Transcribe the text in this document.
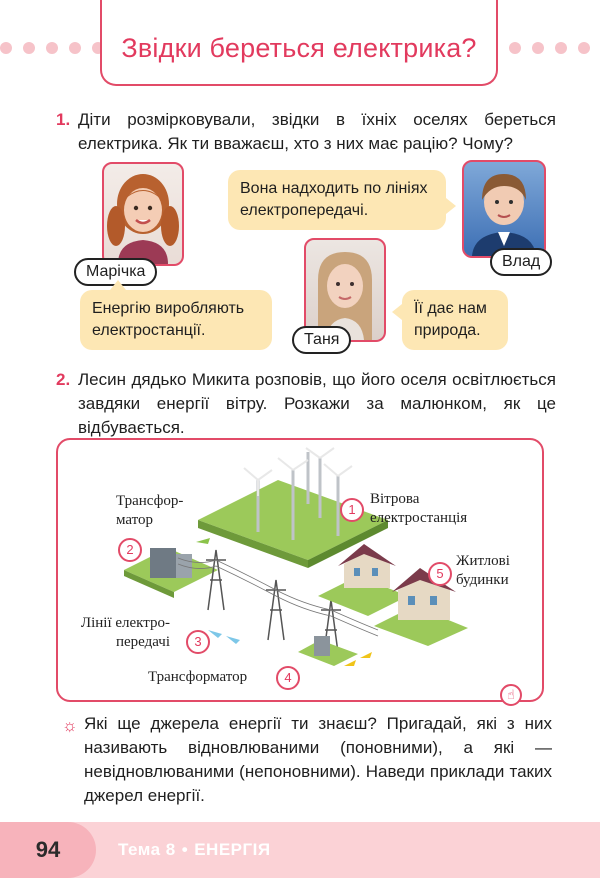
Звідки береться електрика?
1. Діти розмірковували, звідки в їхніх оселях береться електрика. Як ти вважаєш, хто з них має рацію? Чому?
Марічка
Енергію виробляють електростанції.
Вона надходить по лініях електропередачі.
Влад
Таня
Її дає нам природа.
2. Лесин дядько Микита розповів, що його оселя освітлюється завдяки енергії вітру. Розкажи за малюнком, як це відбувається.
Вітрова електростанція
1
Трансфор-матор
2
Лінії електро-передачі	3
Трансформатор	4
Житлові будинки
5
☝
☼ Які ще джерела енергії ти знаєш? Пригадай, які з них називають відновлюваними (поновними), а які — невідновлюваними (непоновними). Наведи приклади таких джерел енергії.
94	Тема 8 • ЕНЕРГІЯ
